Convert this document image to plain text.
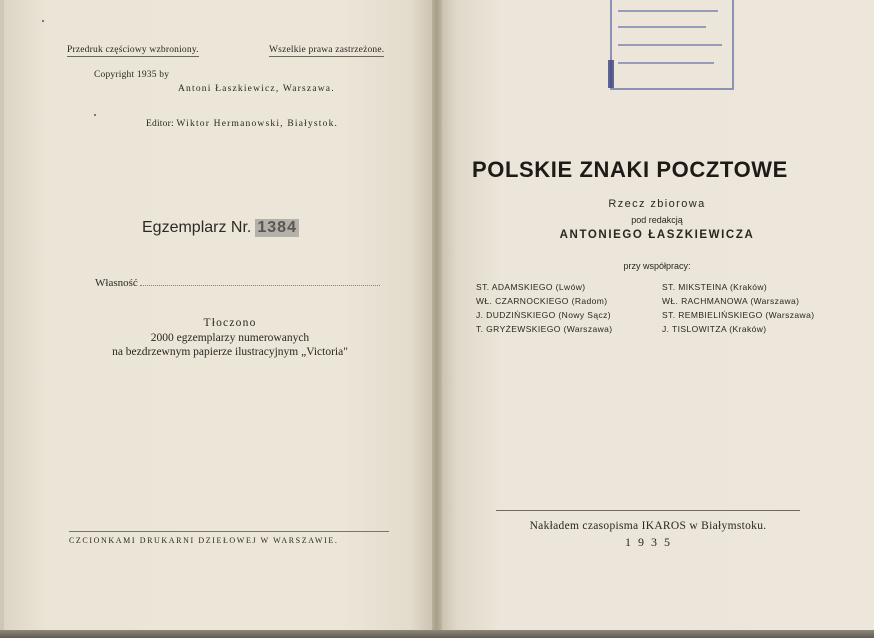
Przedruk częściowy wzbroniony.	Wszelkie prawa zastrzeżone.
Copyright 1935 by
Antoni Łaszkiewicz, Warszawa.
Editor: Wiktor Hermanowski, Białystok.
Egzemplarz Nr. 1384
Własność
Tłoczono
2000 egzemplarzy numerowanych
na bezdrzewnym papierze ilustracyjnym „Victoria"
CZCIONKAMI DRUKARNI DZIEŁOWEJ W WARSZAWIE.
POLSKIE ZNAKI POCZTOWE
Rzecz zbiorowa
pod redakcją
ANTONIEGO ŁASZKIEWICZA
przy współpracy:
ST. ADAMSKIEGO (Lwów)
WŁ. CZARNOCKIEGO (Radom)
J. DUDZIŃSKIEGO (Nowy Sącz)
T. GRYŻEWSKIEGO (Warszawa)
ST. MIKSTEINA (Kraków)
WŁ. RACHMANOWA (Warszawa)
ST. REMBIELIŃSKIEGO (Warszawa)
J. TISLOWITZA (Kraków)
Nakładem czasopisma IKAROS w Białymstoku.
1935
